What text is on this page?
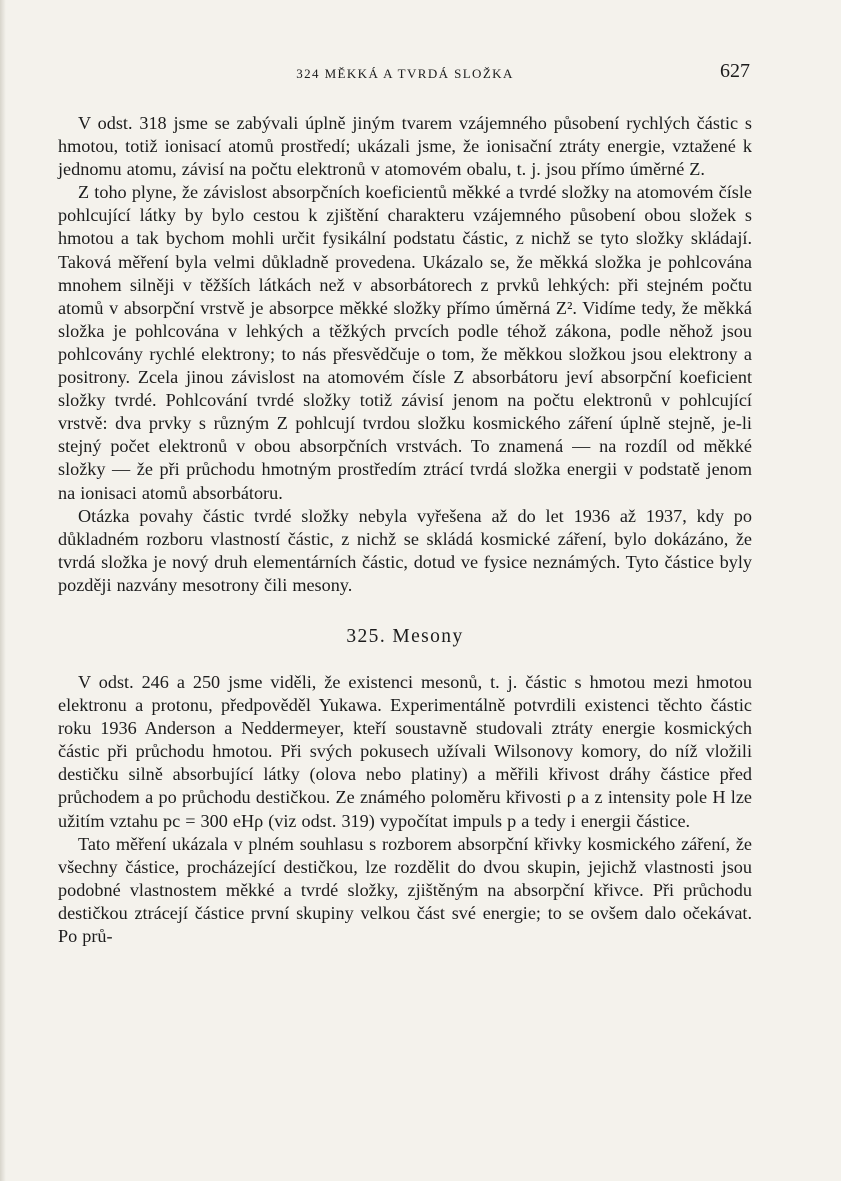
324 MĚKKÁ A TVRDÁ SLOŽKA	627

V odst. 318 jsme se zabývali úplně jiným tvarem vzájemného působení rychlých částic s hmotou, totiž ionisací atomů prostředí; ukázali jsme, že ionisační ztráty energie, vztažené k jednomu atomu, závisí na počtu elektronů v atomovém obalu, t. j. jsou přímo úměrné Z.

Z toho plyne, že závislost absorpčních koeficientů měkké a tvrdé složky na atomovém čísle pohlcující látky by bylo cestou k zjištění charakteru vzájemného působení obou složek s hmotou a tak bychom mohli určit fysikální podstatu částic, z nichž se tyto složky skládají. Taková měření byla velmi důkladně provedena. Ukázalo se, že měkká složka je pohlcována mnohem silněji v těžších látkách než v absorbátorech z prvků lehkých: při stejném počtu atomů v absorpční vrstvě je absorpce měkké složky přímo úměrná Z². Vidíme tedy, že měkká složka je pohlcována v lehkých a těžkých prvcích podle téhož zákona, podle něhož jsou pohlcovány rychlé elektrony; to nás přesvědčuje o tom, že měkkou složkou jsou elektrony a positrony. Zcela jinou závislost na atomovém čísle Z absorbátoru jeví absorpční koeficient složky tvrdé. Pohlcování tvrdé složky totiž závisí jenom na počtu elektronů v pohlcující vrstvě: dva prvky s různým Z pohlcují tvrdou složku kosmického záření úplně stejně, je-li stejný počet elektronů v obou absorpčních vrstvách. To znamená — na rozdíl od měkké složky — že při průchodu hmotným prostředím ztrácí tvrdá složka energii v podstatě jenom na ionisaci atomů absorbátoru.

Otázka povahy částic tvrdé složky nebyla vyřešena až do let 1936 až 1937, kdy po důkladném rozboru vlastností částic, z nichž se skládá kosmické záření, bylo dokázáno, že tvrdá složka je nový druh elementárních částic, dotud ve fysice neznámých. Tyto částice byly později nazvány mesotrony čili mesony.

325. Mesony

V odst. 246 a 250 jsme viděli, že existenci mesonů, t. j. částic s hmotou mezi hmotou elektronu a protonu, předpověděl Yukawa. Experimentálně potvrdili existenci těchto částic roku 1936 Anderson a Neddermeyer, kteří soustavně studovali ztráty energie kosmických částic při průchodu hmotou. Při svých pokusech užívali Wilsonovy komory, do níž vložili destičku silně absorbující látky (olova nebo platiny) a měřili křivost dráhy částice před průchodem a po průchodu destičkou. Ze známého poloměru křivosti ρ a z intensity pole H lze užitím vztahu pc = 300 eHρ (viz odst. 319) vypočítat impuls p a tedy i energii částice.

Tato měření ukázala v plném souhlasu s rozborem absorpční křivky kosmického záření, že všechny částice, procházející destičkou, lze rozdělit do dvou skupin, jejichž vlastnosti jsou podobné vlastnostem měkké a tvrdé složky, zjištěným na absorpční křivce. Při průchodu destičkou ztrácejí částice první skupiny velkou část své energie; to se ovšem dalo očekávat. Po prů-
